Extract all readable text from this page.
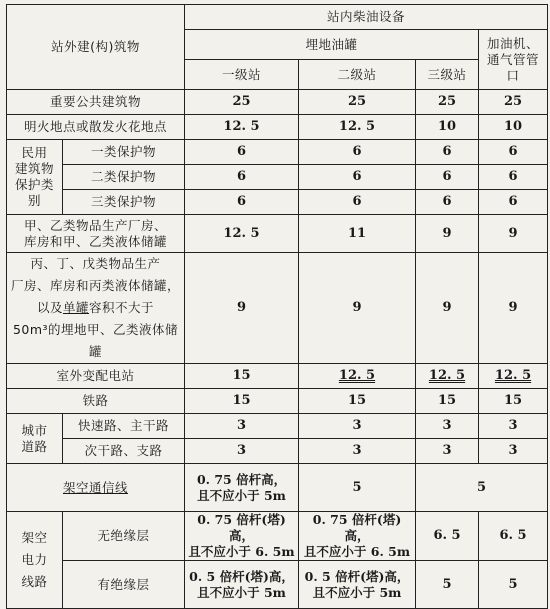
站外建(构)筑物		站内柴油设备			
		埋地油罐			加油机、
通气管管口
		一级站	二级站	三级站	
重要公共建筑物		25	25	25	25
明火地点或散发火花地点		12. 5	12. 5	10	10
民用
建筑物
保护类别	一类保护物	6	6	6	6
	二类保护物	6	6	6	6
	三类保护物	6	6	6	6
甲、乙类物品生产厂房、
库房和甲、乙类液体储罐		12. 5	11	9	9
丙、丁、戊类物品生产
厂房、库房和丙类液体储罐，
以及单罐容积不大于
50m³的埋地甲、乙类液体储罐		9	9	9	9
室外变配电站		15	12. 5	12. 5	12. 5
铁路		15	15	15	15
城市
道路	快速路、主干路	3	3	3	3
	次干路、支路	3	3	3	3
架空通信线		0. 75 倍杆高，
且不应小于 5m	5	5	
架空
电力
线路	无绝缘层	0. 75 倍杆(塔)高，
且不应小于 6. 5m	0. 75 倍杆(塔)高，
且不应小于 6. 5m	6. 5	6. 5
	有绝缘层	0. 5 倍杆(塔)高，
且不应小于 5m	0. 5 倍杆(塔)高，
且不应小于 5m	5	5
